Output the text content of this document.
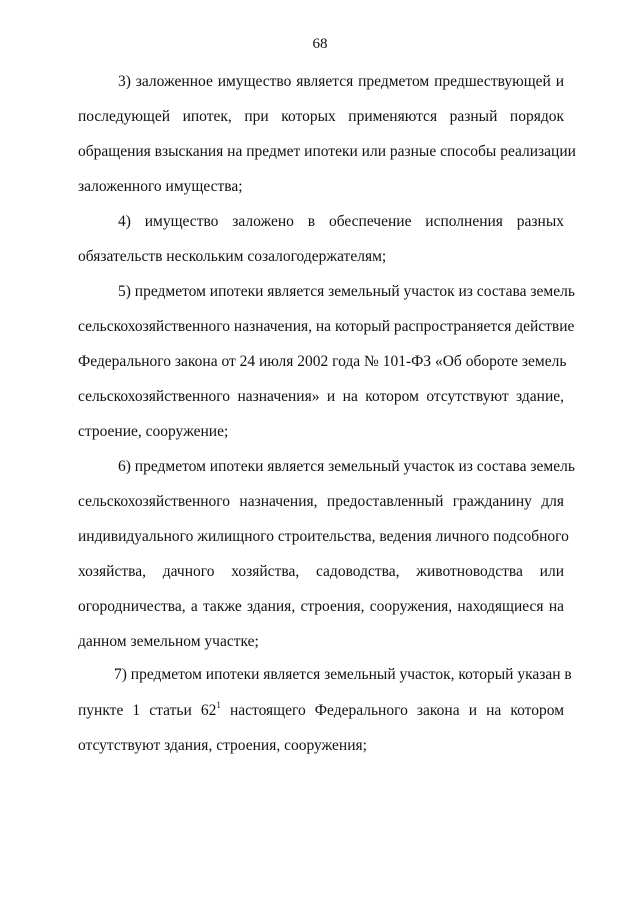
68
3) заложенное имущество является предметом предшествующей и
последующей ипотек, при которых применяются разный порядок
обращения взыскания на предмет ипотеки или разные способы реализации
заложенного имущества;
4) имущество заложено в обеспечение исполнения разных
обязательств нескольким созалогодержателям;
5) предметом ипотеки является земельный участок из состава земель
сельскохозяйственного назначения, на который распространяется действие
Федерального закона от 24 июля 2002 года № 101-ФЗ «Об обороте земель
сельскохозяйственного назначения» и на котором отсутствуют здание,
строение, сооружение;
6) предметом ипотеки является земельный участок из состава земель
сельскохозяйственного назначения, предоставленный гражданину для
индивидуального жилищного строительства, ведения личного подсобного
хозяйства, дачного хозяйства, садоводства, животноводства или
огородничества, а также здания, строения, сооружения, находящиеся на
данном земельном участке;
7) предметом ипотеки является земельный участок, который указан в
пункте 1 статьи $62^1$ настоящего Федерального закона и на котором
отсутствуют здания, строения, сооружения;
